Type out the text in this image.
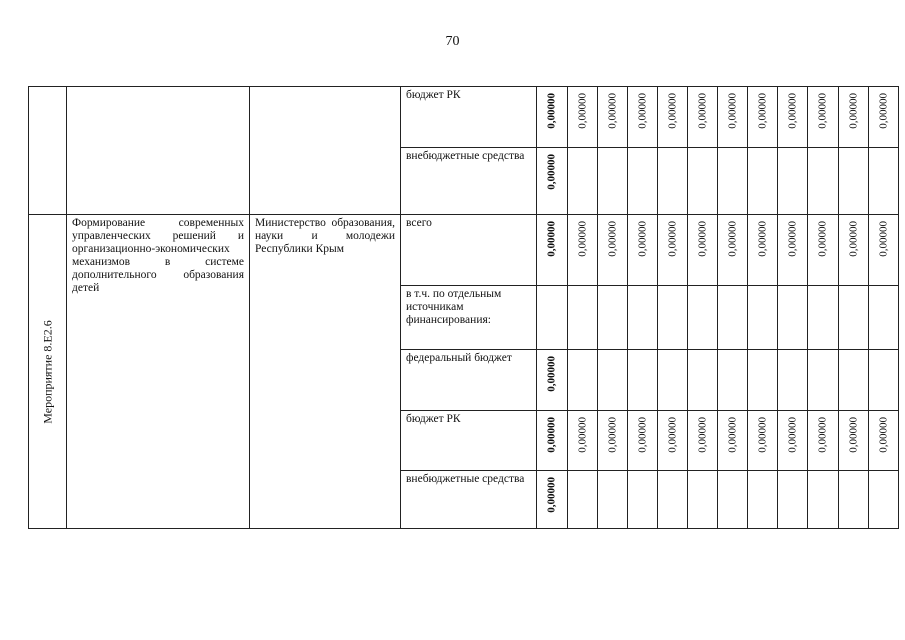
70

			бюджет РК	0,00000	0,00000	0,00000	0,00000	0,00000	0,00000	0,00000	0,00000	0,00000	0,00000	0,00000	0,00000

			внебюджетные средства	0,00000											

Мероприятие 8.Е2.6	Формирование современных управленческих решений и организационно-экономических механизмов в системе дополнительного образования детей	Министерство образования, науки и молодежи Республики Крым	всего	0,00000	0,00000	0,00000	0,00000	0,00000	0,00000	0,00000	0,00000	0,00000	0,00000	0,00000	0,00000

			в т.ч. по отдельным источникам финансирования:												

			федеральный бюджет	0,00000											

			бюджет РК	0,00000	0,00000	0,00000	0,00000	0,00000	0,00000	0,00000	0,00000	0,00000	0,00000	0,00000	0,00000

			внебюджетные средства	0,00000											
